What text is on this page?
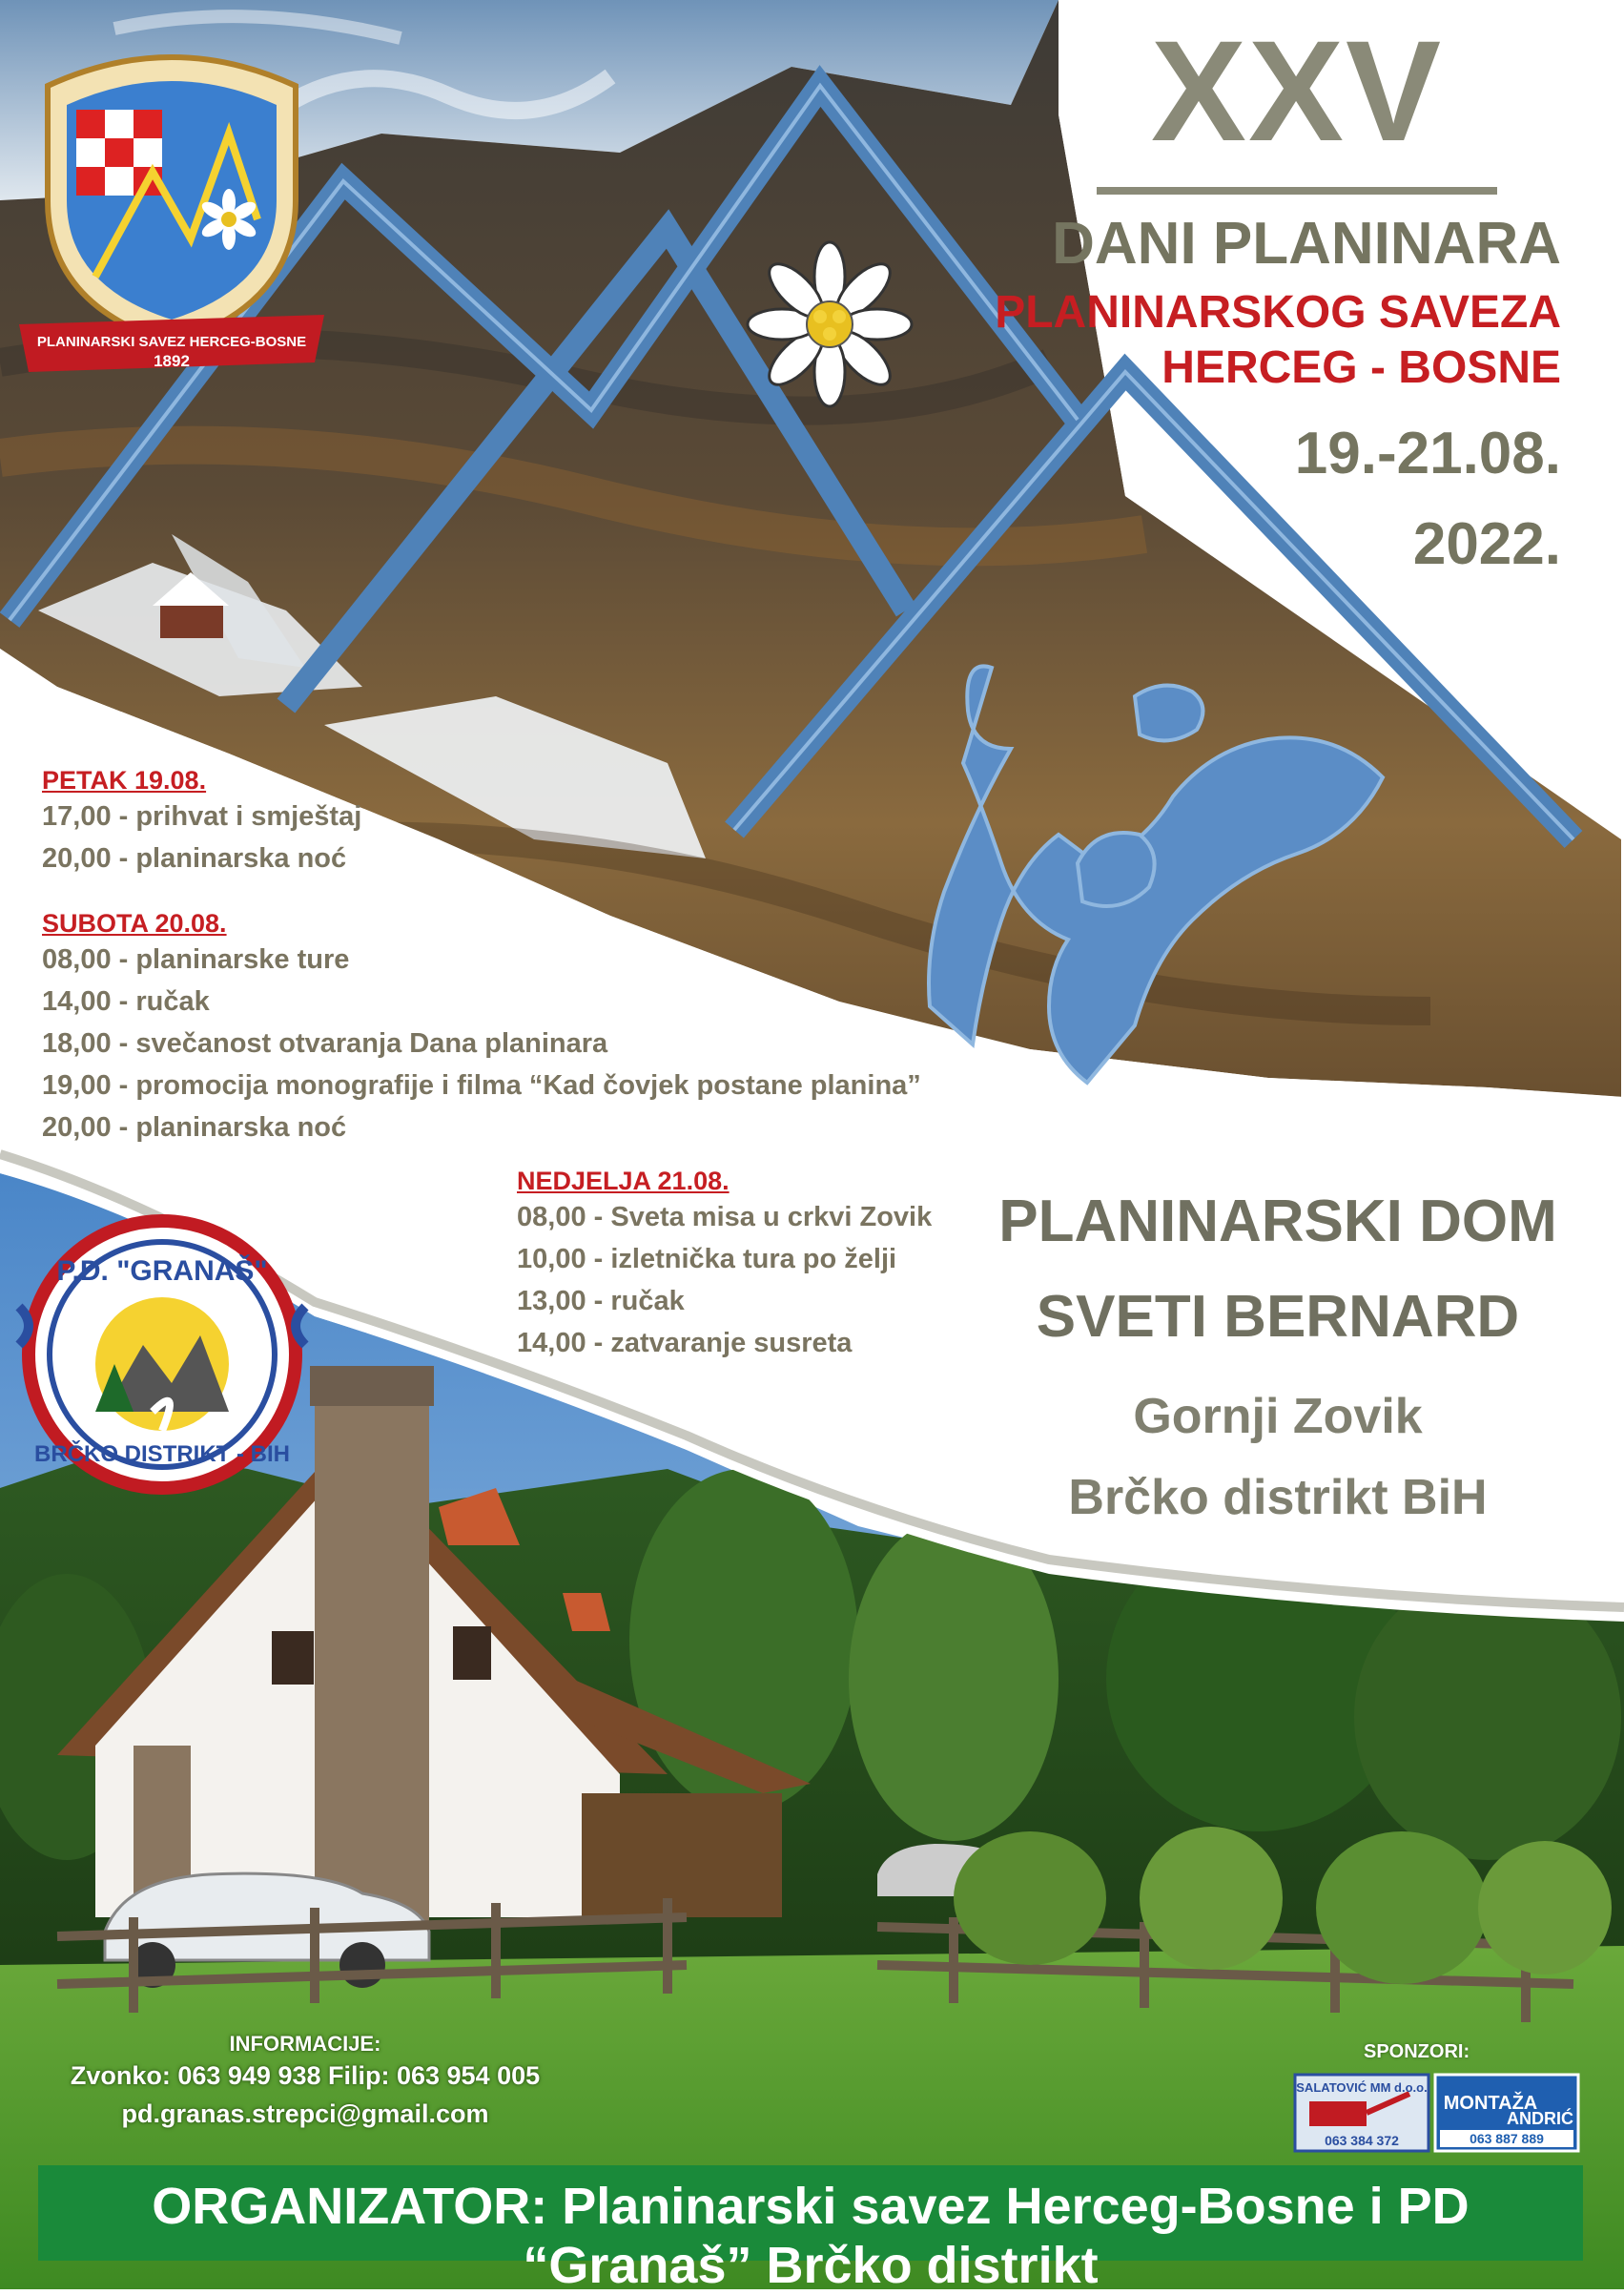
PLANINARSKI SAVEZ HERCEG-BOSNE
1892
P.D. "GRANAŠ"
BRČKO DISTRIKT - BIH
SALATOVIĆ MM d.o.o.
063 384 372
MONTAŽA
ANDRIĆ
063 887 889
XXV
DANI PLANINARA
PLANINARSKOG SAVEZA
HERCEG - BOSNE
19.-21.08.
2022.
PETAK 19.08.
17,00 - prihvat i smještaj
20,00 - planinarska noć
SUBOTA 20.08.
08,00 - planinarske ture
14,00 - ručak
18,00 - svečanost otvaranja Dana planinara
19,00 - promocija monografije i filma “Kad čovjek postane planina”
20,00 - planinarska noć
NEDJELJA 21.08.
08,00 - Sveta misa u crkvi Zovik
10,00 - izletnička tura po želji
13,00 - ručak
14,00 - zatvaranje susreta
PLANINARSKI DOM
SVETI BERNARD
Gornji Zovik
Brčko distrikt BiH
INFORMACIJE:
Zvonko: 063 949 938 Filip: 063 954 005
pd.granas.strepci@gmail.com
SPONZORI:
ORGANIZATOR: Planinarski savez Herceg-Bosne i PD “Granaš” Brčko distrikt
